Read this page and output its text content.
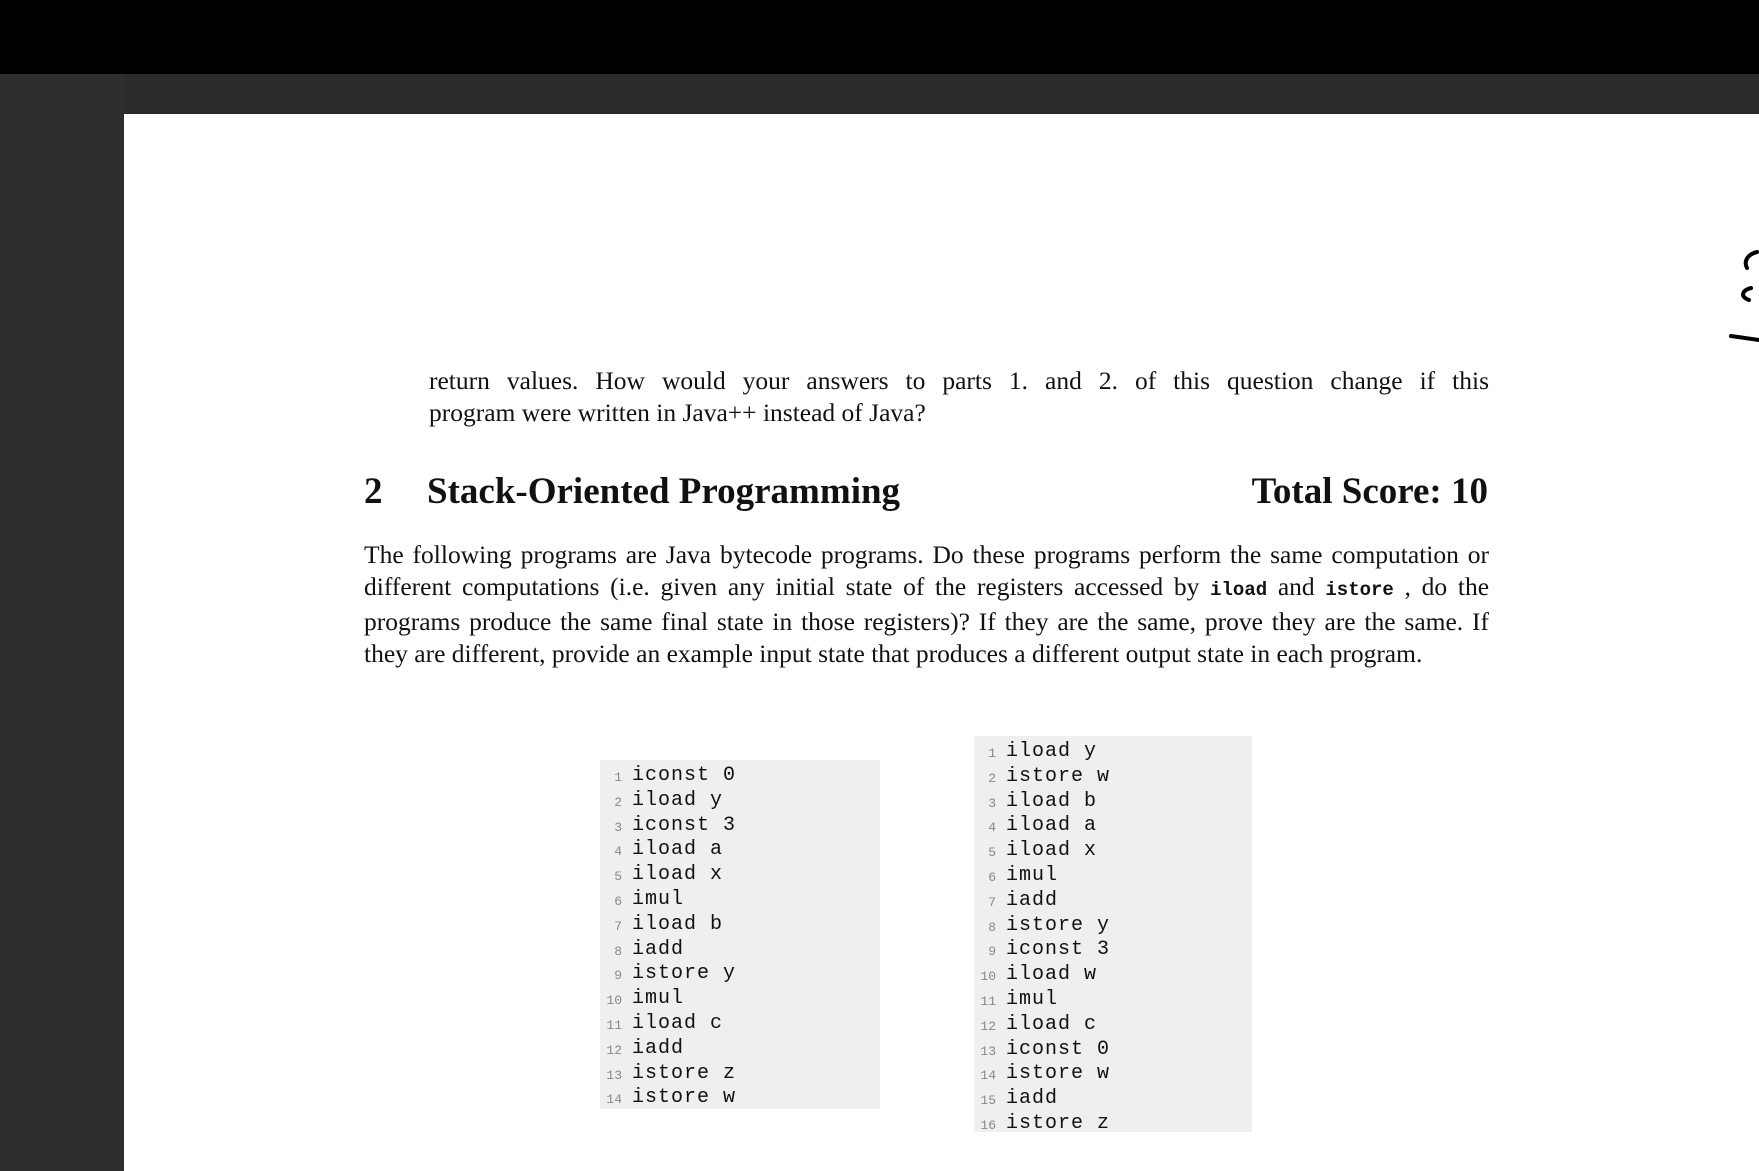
return values. How would your answers to parts 1. and 2. of this question change if this
program were written in Java++ instead of Java?
2 Stack-Oriented Programming	Total Score: 10
The following programs are Java bytecode programs. Do these programs perform the same computation or different computations (i.e. given any initial state of the registers accessed by iload and istore , do the programs produce the same final state in those registers)? If they are the same, prove they are the same. If they are different, provide an example input state that produces a different output state in each program.
1 iconst 0
2 iload y
3 iconst 3
4 iload a
5 iload x
6 imul
7 iload b
8 iadd
9 istore y
10 imul
11 iload c
12 iadd
13 istore z
14 istore w
1 iload y
2 istore w
3 iload b
4 iload a
5 iload x
6 imul
7 iadd
8 istore y
9 iconst 3
10 iload w
11 imul
12 iload c
13 iconst 0
14 istore w
15 iadd
16 istore z
